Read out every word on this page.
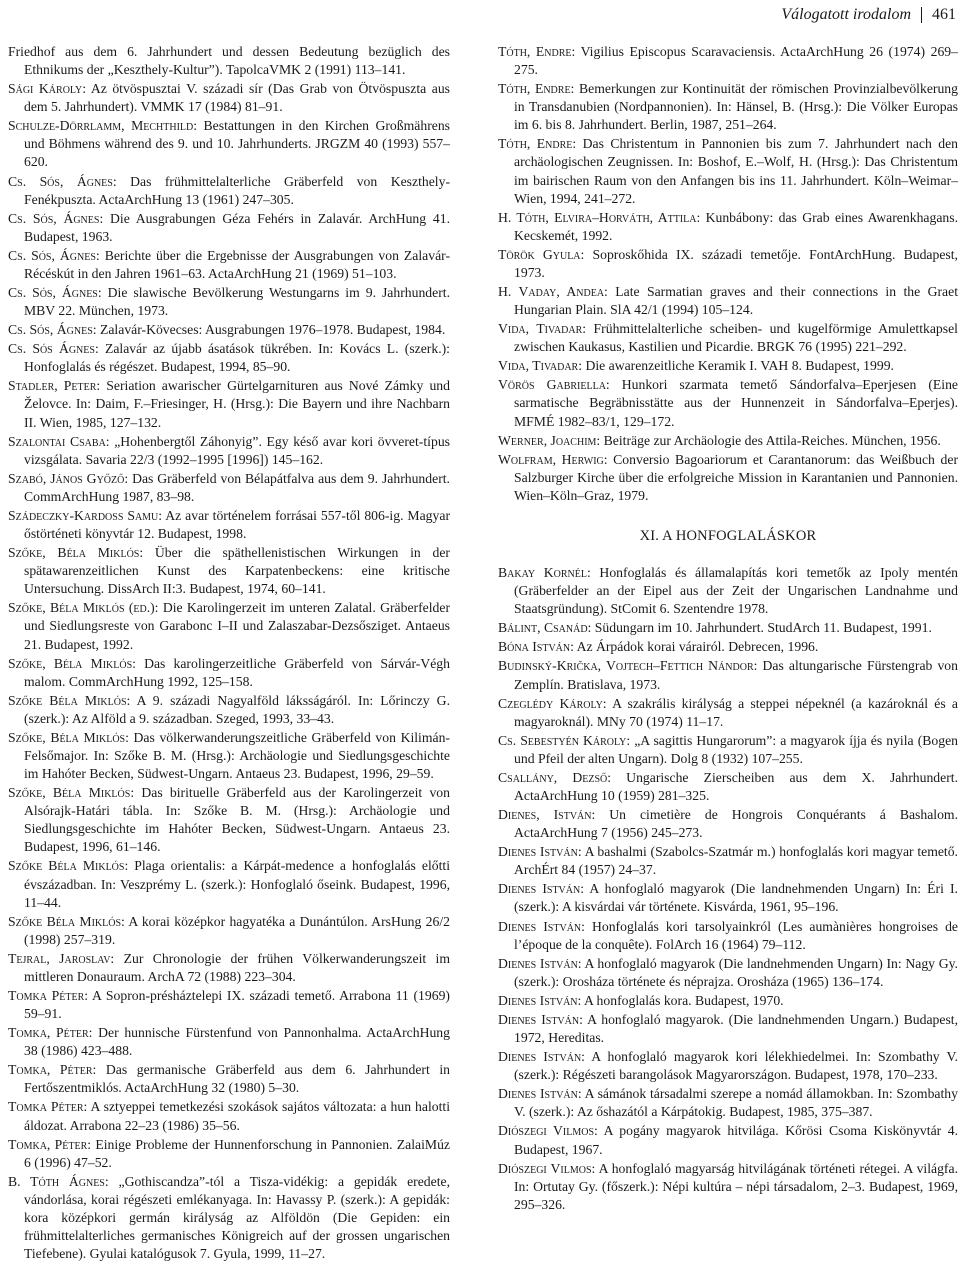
Válogatott irodalom 461

Friedhof aus dem 6. Jahrhundert und dessen Bedeutung bezüglich des Ethnikums der „Keszthely-Kultur”). TapolcaVMK 2 (1991) 113–141.

Sági Károly: Az ötvöspusztai V. századi sír (Das Grab von Ötvöspuszta aus dem 5. Jahrhundert). VMMK 17 (1984) 81–91.

Schulze-Dörrlamm, Mechthild: Bestattungen in den Kirchen Großmährens und Böhmens während des 9. und 10. Jahrhunderts. JRGZM 40 (1993) 557–620.

Cs. Sós, Ágnes: Das frühmittelalterliche Gräberfeld von Keszthely-Fenékpuszta. ActaArchHung 13 (1961) 247–305.

Cs. Sós, Ágnes: Die Ausgrabungen Géza Fehérs in Zalavár. ArchHung 41. Budapest, 1963.

Cs. Sós, Ágnes: Berichte über die Ergebnisse der Ausgrabungen von Zalavár-Récéskút in den Jahren 1961–63. ActaArchHung 21 (1969) 51–103.

Cs. Sós, Ágnes: Die slawische Bevölkerung Westungarns im 9. Jahrhundert. MBV 22. München, 1973.

Cs. Sós, Ágnes: Zalavár-Kövecses: Ausgrabungen 1976–1978. Budapest, 1984.

Cs. Sós Ágnes: Zalavár az újabb ásatások tükrében. In: Kovács L. (szerk.): Honfoglalás és régészet. Budapest, 1994, 85–90.

Stadler, Peter: Seriation awarischer Gürtelgarnituren aus Nové Zámky und Želovce. In: Daim, F.–Friesinger, H. (Hrsg.): Die Bayern und ihre Nachbarn II. Wien, 1985, 127–132.

Szalontai Csaba: „Hohenbergtől Záhonyig”. Egy késő avar kori övveret-típus vizsgálata. Savaria 22/3 (1992–1995 [1996]) 145–162.

Szabó, János Győző: Das Gräberfeld von Bélapátfalva aus dem 9. Jahrhundert. CommArchHung 1987, 83–98.

Szádeczky-Kardoss Samu: Az avar történelem forrásai 557-től 806-ig. Magyar őstörténeti könyvtár 12. Budapest, 1998.

Szőke, Béla Miklós: Über die späthellenistischen Wirkungen in der spätawarenzeitlichen Kunst des Karpatenbeckens: eine kritische Untersuchung. DissArch II:3. Budapest, 1974, 60–141.

Szőke, Béla Miklós (ed.): Die Karolingerzeit im unteren Zalatal. Gräberfelder und Siedlungsreste von Garabonc I–II und Zalaszabar-Dezsősziget. Antaeus 21. Budapest, 1992.

Szőke, Béla Miklós: Das karolingerzeitliche Gräberfeld von Sárvár-Végh malom. CommArchHung 1992, 125–158.

Szőke Béla Miklós: A 9. századi Nagyalföld láksságáról. In: Lőrinczy G. (szerk.): Az Alföld a 9. században. Szeged, 1993, 33–43.

Szőke, Béla Miklós: Das völkerwanderungszeitliche Gräberfeld von Kilimán-Felsőmajor. In: Szőke B. M. (Hrsg.): Archäologie und Siedlungsgeschichte im Hahóter Becken, Südwest-Ungarn. Antaeus 23. Budapest, 1996, 29–59.

Szőke, Béla Miklós: Das birituelle Gräberfeld aus der Karolingerzeit von Alsórajk-Határi tábla. In: Szőke B. M. (Hrsg.): Archäologie und Siedlungsgeschichte im Hahóter Becken, Südwest-Ungarn. Antaeus 23. Budapest, 1996, 61–146.

Szőke Béla Miklós: Plaga orientalis: a Kárpát-medence a honfoglalás előtti évszázadban. In: Veszprémy L. (szerk.): Honfoglaló őseink. Budapest, 1996, 11–44.

Szőke Béla Miklós: A korai középkor hagyatéka a Dunántúlon. ArsHung 26/2 (1998) 257–319.

Tejral, Jaroslav: Zur Chronologie der frühen Völkerwanderungszeit im mittleren Donauraum. ArchA 72 (1988) 223–304.

Tomka Péter: A Sopron-présháztelepi IX. századi temető. Arrabona 11 (1969) 59–91.

Tomka, Péter: Der hunnische Fürstenfund von Pannonhalma. ActaArchHung 38 (1986) 423–488.

Tomka, Péter: Das germanische Gräberfeld aus dem 6. Jahrhundert in Fertőszentmiklós. ActaArchHung 32 (1980) 5–30.

Tomka Péter: A sztyeppei temetkezési szokások sajátos változata: a hun halotti áldozat. Arrabona 22–23 (1986) 35–56.

Tomka, Péter: Einige Probleme der Hunnenforschung in Pannonien. ZalaiMúz 6 (1996) 47–52.

B. Tóth Ágnes: „Gothiscandza”-tól a Tisza-vidékig: a gepidák eredete, vándorlása, korai régészeti emlékanyaga. In: Havassy P. (szerk.): A gepidák: kora középkori germán királyság az Alföldön (Die Gepiden: ein frühmittelalterliches germanisches Königreich auf der grossen ungarischen Tiefebene). Gyulai katalógusok 7. Gyula, 1999, 11–27.

Tóth, Endre: Vigilius Episcopus Scaravaciensis. ActaArchHung 26 (1974) 269–275.

Tóth, Endre: Bemerkungen zur Kontinuität der römischen Provinzialbevölkerung in Transdanubien (Nordpannonien). In: Hänsel, B. (Hrsg.): Die Völker Europas im 6. bis 8. Jahrhundert. Berlin, 1987, 251–264.

Tóth, Endre: Das Christentum in Pannonien bis zum 7. Jahrhundert nach den archäologischen Zeugnissen. In: Boshof, E.–Wolf, H. (Hrsg.): Das Christentum im bairischen Raum von den Anfangen bis ins 11. Jahrhundert. Köln–Weimar–Wien, 1994, 241–272.

H. Tóth, Elvira–Horváth, Attila: Kunbábony: das Grab eines Awarenkhagans. Kecskemét, 1992.

Török Gyula: Soproskőhida IX. századi temetője. FontArchHung. Budapest, 1973.

H. Vaday, Andea: Late Sarmatian graves and their connections in the Graet Hungarian Plain. SlA 42/1 (1994) 105–124.

Vida, Tivadar: Frühmittelalterliche scheiben- und kugelförmige Amulettkapsel zwischen Kaukasus, Kastilien und Picardie. BRGK 76 (1995) 221–292.

Vida, Tivadar: Die awarenzeitliche Keramik I. VAH 8. Budapest, 1999.

Vörös Gabriella: Hunkori szarmata temető Sándorfalva–Eperjesen (Eine sarmatische Begräbnisstätte aus der Hunnenzeit in Sándorfalva–Eperjes). MFMÉ 1982–83/1, 129–172.

Werner, Joachim: Beiträge zur Archäologie des Attila-Reiches. München, 1956.

Wolfram, Herwig: Conversio Bagoariorum et Carantanorum: das Weißbuch der Salzburger Kirche über die erfolgreiche Mission in Karantanien und Pannonien. Wien–Köln–Graz, 1979.

XI. A HONFOGLALÁSKOR

Bakay Kornél: Honfoglalás és államalapítás kori temetők az Ipoly mentén (Gräberfelder an der Eipel aus der Zeit der Ungarischen Landnahme und Staatsgründung). StComit 6. Szentendre 1978.

Bálint, Csanád: Südungarn im 10. Jahrhundert. StudArch 11. Budapest, 1991.

Bóna István: Az Árpádok korai várairól. Debrecen, 1996.

Budinský-Krička, Vojtech–Fettich Nándor: Das altungarische Fürstengrab von Zemplín. Bratislava, 1973.

Czeglédy Károly: A szakrális királyság a steppei népeknél (a kazároknál és a magyaroknál). MNy 70 (1974) 11–17.

Cs. Sebestyén Károly: „A sagittis Hungarorum”: a magyarok íjja és nyila (Bogen und Pfeil der alten Ungarn). Dolg 8 (1932) 107–255.

Csallány, Dezső: Ungarische Zierscheiben aus dem X. Jahrhundert. ActaArchHung 10 (1959) 281–325.

Dienes, István: Un cimetière de Hongrois Conquérants á Bashalom. ActaArchHung 7 (1956) 245–273.

Dienes István: A bashalmi (Szabolcs-Szatmár m.) honfoglalás kori magyar temető. ArchÉrt 84 (1957) 24–37.

Dienes István: A honfoglaló magyarok (Die landnehmenden Ungarn) In: Éri I. (szerk.): A kisvárdai vár története. Kisvárda, 1961, 95–196.

Dienes István: Honfoglalás kori tarsolyainkról (Les aumànières hongroises de l’époque de la conquête). FolArch 16 (1964) 79–112.

Dienes István: A honfoglaló magyarok (Die landnehmenden Ungarn) In: Nagy Gy. (szerk.): Orosháza története és néprajza. Orosháza (1965) 136–174.

Dienes István: A honfoglalás kora. Budapest, 1970.

Dienes István: A honfoglaló magyarok. (Die landnehmenden Ungarn.) Budapest, 1972, Hereditas.

Dienes István: A honfoglaló magyarok kori lélekhiedelmei. In: Szombathy V. (szerk.): Régészeti barangolások Magyarországon. Budapest, 1978, 170–233.

Dienes István: A sámánok társadalmi szerepe a nomád államokban. In: Szombathy V. (szerk.): Az őshazától a Kárpátokig. Budapest, 1985, 375–387.

Diószegi Vilmos: A pogány magyarok hitvilága. Kőrösi Csoma Kiskönyvtár 4. Budapest, 1967.

Diószegi Vilmos: A honfoglaló magyarság hitvilágának történeti rétegei. A világfa. In: Ortutay Gy. (főszerk.): Népi kultúra – népi társadalom, 2–3. Budapest, 1969, 295–326.
